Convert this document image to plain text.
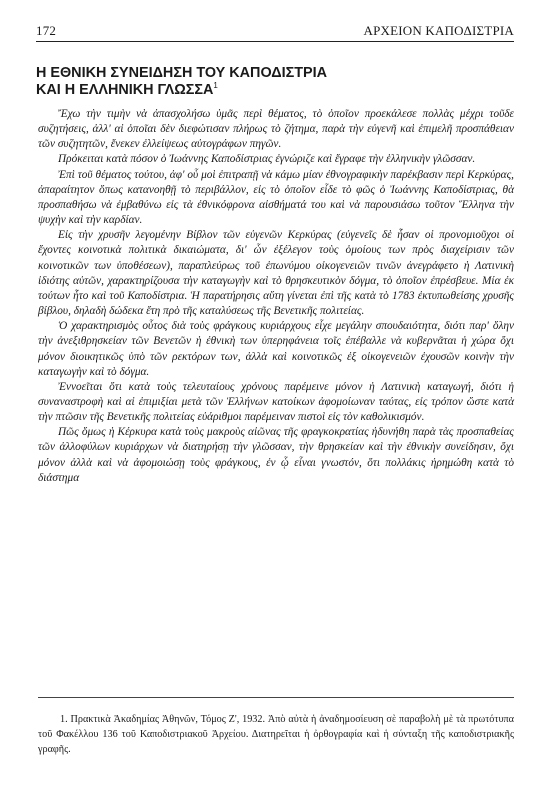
172	ΑΡΧΕΙΟΝ ΚΑΠΟΔΙΣΤΡΙΑ
Η ΕΘΝΙΚΗ ΣΥΝΕΙΔΗΣΗ ΤΟΥ ΚΑΠΟΔΙΣΤΡΙΑ
ΚΑΙ Η ΕΛΛΗΝΙΚΗ ΓΛΩΣΣΑ$^1$

Ἔχω τὴν τιμὴν νὰ ἀπασχολήσω ὑμᾶς περὶ θέματος, τὸ ὁποῖον προεκάλεσε πολλὰς μέχρι τοῦδε συζητήσεις, ἀλλ' αἱ ὁποῖαι δὲν διεφώτισαν πλήρως τὸ ζήτημα, παρὰ τὴν εὐγενῆ καὶ ἐπιμελῆ προσπάθειαν τῶν συζητητῶν, ἕνεκεν ἐλλείψεως αὐτογράφων πηγῶν.

Πρόκειται κατὰ πόσον ὁ Ἰωάννης Καποδίστριας ἐγνώριζε καὶ ἔγραφε τὴν ἑλληνικὴν γλῶσσαν.

Ἐπὶ τοῦ θέματος τούτου, ἀφ' οὗ μοὶ ἐπιτραπῇ νὰ κάμω μίαν ἐθνογραφικὴν παρέκβασιν περὶ Κερκύρας, ἀπαραίτητον ὅπως κατανοηθῇ τὸ περιβάλλον, εἰς τὸ ὁποῖον εἶδε τὸ φῶς ὁ Ἰωάννης Καποδίστριας, θὰ προσπαθήσω νὰ ἐμβαθύνω εἰς τὰ ἐθνικόφρονα αἰσθήματά του καὶ νὰ παρουσιάσω τοῦτον Ἕλληνα τὴν ψυχὴν καὶ τὴν καρδίαν.

Εἰς τὴν χρυσῆν λεγομένην Βίβλον τῶν εὐγενῶν Κερκύρας (εὐγενεῖς δὲ ἦσαν οἱ προνομιοῦχοι οἱ ἔχοντες κοινοτικὰ πολιτικὰ δικαιώματα, δι' ὧν ἐξέλεγον τοὺς ὁμοίους των πρὸς διαχείρισιν τῶν κοινοτικῶν των ὑποθέσεων), παραπλεύρως τοῦ ἐπωνύμου οἰκογενειῶν τινῶν ἀνεγράφετο ἡ Λατινικὴ ἰδιότης αὐτῶν, χαρακτηρίζουσα τὴν καταγωγὴν καὶ τὸ θρησκευτικὸν δόγμα, τὸ ὁποῖον ἐπρέσβευε. Μία ἐκ τούτων ἦτο καὶ τοῦ Καποδίστρια. Ἡ παρατήρησις αὕτη γίνεται ἐπὶ τῆς κατὰ τὸ 1783 ἐκτυπωθείσης χρυσῆς βίβλου, δηλαδὴ δώδεκα ἔτη πρὸ τῆς καταλύσεως τῆς Βενετικῆς πολιτείας.

Ὁ χαρακτηρισμὸς οὗτος διὰ τοὺς φράγκους κυριάρχους εἶχε μεγάλην σπουδαιότητα, διότι παρ' ὅλην τὴν ἀνεξιθρησκείαν τῶν Βενετῶν ἡ ἐθνικὴ των ὑπερηφάνεια τοῖς ἐπέβαλλε νὰ κυβερνᾶται ἡ χώρα ὄχι μόνον διοικητικῶς ὑπὸ τῶν ρεκτόρων των, ἀλλὰ καὶ κοινοτικῶς ἐξ οἰκογενειῶν ἐχουσῶν κοινὴν τὴν καταγωγὴν καὶ τὸ δόγμα.

Ἐννοεῖται ὅτι κατὰ τοὺς τελευταίους χρόνους παρέμεινε μόνον ἡ Λατινικὴ καταγωγή, διότι ἡ συναναστροφὴ καὶ αἱ ἐπιμιξίαι μετὰ τῶν Ἑλλήνων κατοίκων ἀφομοίωναν ταύτας, εἰς τρόπον ὥστε κατὰ τὴν πτῶσιν τῆς Βενετικῆς πολιτείας εὐάριθμοι παρέμειναν πιστοὶ εἰς τὸν καθολικισμόν.

Πῶς ὅμως ἡ Κέρκυρα κατὰ τοὺς μακροὺς αἰῶνας τῆς φραγκοκρατίας ἠδυνήθη παρὰ τὰς προσπαθείας τῶν ἀλλοφύλων κυριάρχων νὰ διατηρήσῃ τὴν γλῶσσαν, τὴν θρησκείαν καὶ τὴν ἐθνικὴν συνείδησιν, ὄχι μόνον ἀλλὰ καὶ νὰ ἀφομοιώσῃ τοὺς φράγκους, ἐν ᾧ εἶναι γνωστόν, ὅτι πολλάκις ἠρημώθη κατὰ τὸ διάστημα

1. Πρακτικὰ Ἀκαδημίας Ἀθηνῶν, Τόμος Ζ', 1932. Ἀπὸ αὐτὰ ἡ ἀναδημοσίευση σὲ παραβολὴ μὲ τὰ πρωτότυπα τοῦ Φακέλλου 136 τοῦ Καποδιστριακοῦ Ἀρχείου. Διατηρεῖται ἡ ὀρθογραφία καὶ ἡ σύνταξη τῆς καποδιστριακῆς γραφῆς.
